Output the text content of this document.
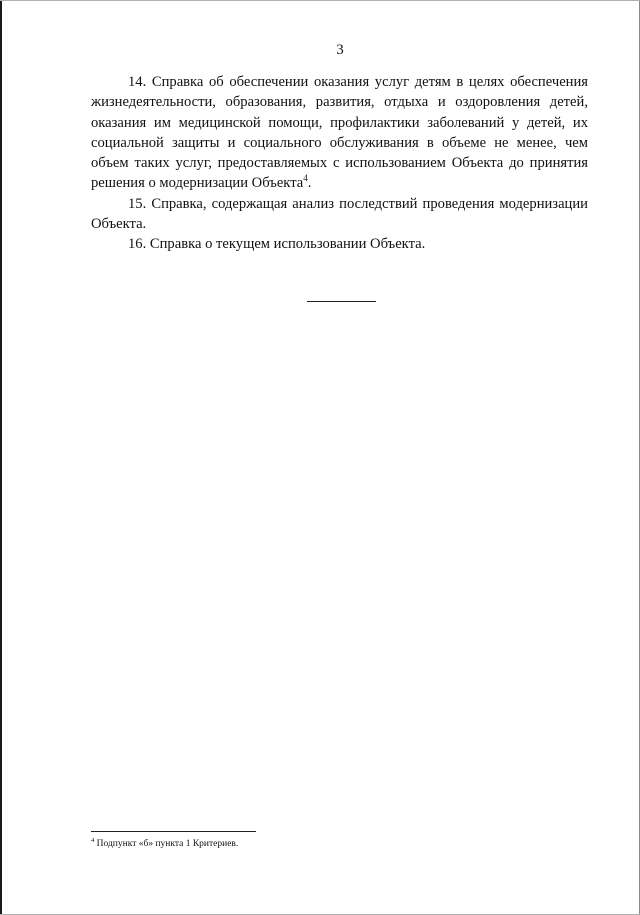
3

14. Справка об обеспечении оказания услуг детям в целях обеспечения жизнедеятельности, образования, развития, отдыха и оздоровления детей, оказания им медицинской помощи, профилактики заболеваний у детей, их социальной защиты и социального обслуживания в объеме не менее, чем объем таких услуг, предоставляемых с использованием Объекта до принятия решения о модернизации Объекта$^4$.

15. Справка, содержащая анализ последствий проведения модернизации Объекта.

16. Справка о текущем использовании Объекта.

$^4$ Подпункт «б» пункта 1 Критериев.
